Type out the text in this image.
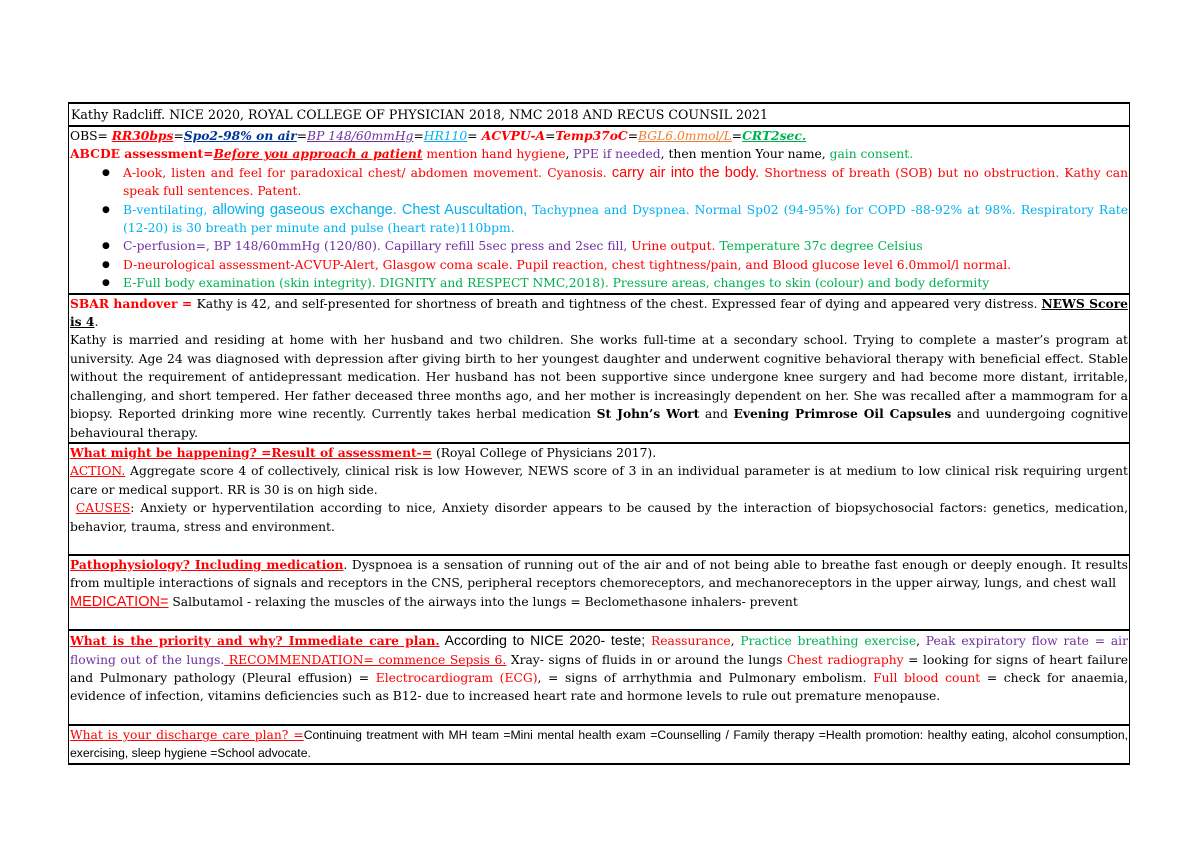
Kathy Radcliff. NICE 2020, ROYAL COLLEGE OF PHYSICIAN 2018, NMC 2018 AND RECUS COUNSIL 2021
OBS= RR30bps=Spo2-98% on air=BP 148/60mmHg=HR110= ACVPU-A=Temp37oC=BGL6.0mmol/L=CRT2sec.
ABCDE assessment=Before you approach a patient mention hand hygiene, PPE if needed, then mention Your name, gain consent.
● A-look, listen and feel for paradoxical chest/ abdomen movement. Cyanosis. carry air into the body. Shortness of breath (SOB) but no obstruction. Kathy can speak full sentences. Patent.
● B-ventilating, allowing gaseous exchange. Chest Auscultation, Tachypnea and Dyspnea. Normal Sp02 (94-95%) for COPD -88-92% at 98%. Respiratory Rate (12-20) is 30 breath per minute and pulse (heart rate)110bpm.
● C-perfusion=, BP 148/60mmHg (120/80). Capillary refill 5sec press and 2sec fill, Urine output. Temperature 37c degree Celsius
● D-neurological assessment-ACVUP-Alert, Glasgow coma scale. Pupil reaction, chest tightness/pain, and Blood glucose level 6.0mmol/l normal.
● E-Full body examination (skin integrity). DIGNITY and RESPECT NMC,2018). Pressure areas, changes to skin (colour) and body deformity
SBAR handover = Kathy is 42, and self-presented for shortness of breath and tightness of the chest. Expressed fear of dying and appeared very distress. NEWS Score is 4.
Kathy is married and residing at home with her husband and two children. She works full-time at a secondary school. Trying to complete a master’s program at university. Age 24 was diagnosed with depression after giving birth to her youngest daughter and underwent cognitive behavioral therapy with beneficial effect. Stable without the requirement of antidepressant medication. Her husband has not been supportive since undergone knee surgery and had become more distant, irritable, challenging, and short tempered. Her father deceased three months ago, and her mother is increasingly dependent on her. She was recalled after a mammogram for a biopsy. Reported drinking more wine recently. Currently takes herbal medication St John’s Wort and Evening Primrose Oil Capsules and uundergoing cognitive behavioural therapy.
What might be happening? =Result of assessment-= (Royal College of Physicians 2017).
ACTION. Aggregate score 4 of collectively, clinical risk is low However, NEWS score of 3 in an individual parameter is at medium to low clinical risk requiring urgent care or medical support. RR is 30 is on high side.
CAUSES: Anxiety or hyperventilation according to nice, Anxiety disorder appears to be caused by the interaction of biopsychosocial factors: genetics, medication, behavior, trauma, stress and environment.
Pathophysiology? Including medication. Dyspnoea is a sensation of running out of the air and of not being able to breathe fast enough or deeply enough. It results from multiple interactions of signals and receptors in the CNS, peripheral receptors chemoreceptors, and mechanoreceptors in the upper airway, lungs, and chest wall
MEDICATION= Salbutamol - relaxing the muscles of the airways into the lungs = Beclomethasone inhalers- prevent
What is the priority and why? Immediate care plan. According to NICE 2020- teste; Reassurance, Practice breathing exercise, Peak expiratory flow rate = air flowing out of the lungs. RECOMMENDATION= commence Sepsis 6. Xray- signs of fluids in or around the lungs Chest radiography = looking for signs of heart failure and Pulmonary pathology (Pleural effusion) = Electrocardiogram (ECG), = signs of arrhythmia and Pulmonary embolism. Full blood count = check for anaemia, evidence of infection, vitamins deficiencies such as B12- due to increased heart rate and hormone levels to rule out premature menopause.
What is your discharge care plan? =Continuing treatment with MH team =Mini mental health exam =Counselling / Family therapy =Health promotion: healthy eating, alcohol consumption, exercising, sleep hygiene =School advocate.
